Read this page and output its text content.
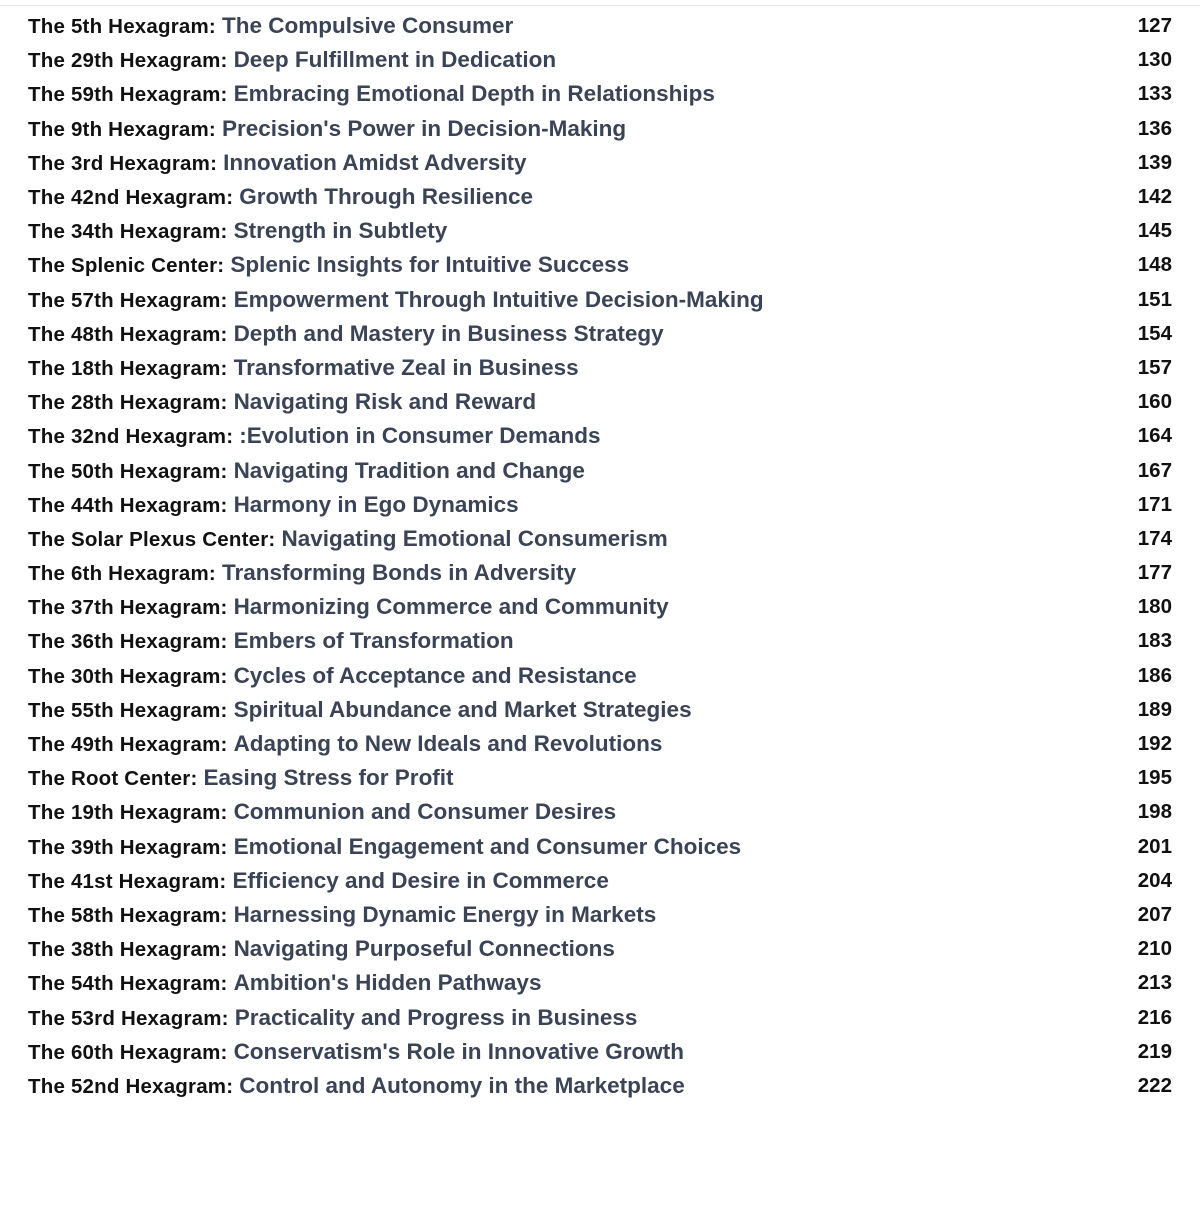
The 5th Hexagram: The Compulsive Consumer	127
The 29th Hexagram: Deep Fulfillment in Dedication	130
The 59th Hexagram: Embracing Emotional Depth in Relationships	133
The 9th Hexagram: Precision's Power in Decision-Making	136
The 3rd Hexagram: Innovation Amidst Adversity	139
The 42nd Hexagram: Growth Through Resilience	142
The 34th Hexagram: Strength in Subtlety	145
The Splenic Center: Splenic Insights for Intuitive Success	148
The 57th Hexagram: Empowerment Through Intuitive Decision-Making	151
The 48th Hexagram: Depth and Mastery in Business Strategy	154
The 18th Hexagram: Transformative Zeal in Business	157
The 28th Hexagram: Navigating Risk and Reward	160
The 32nd Hexagram: :Evolution in Consumer Demands	164
The 50th Hexagram: Navigating Tradition and Change	167
The 44th Hexagram: Harmony in Ego Dynamics	171
The Solar Plexus Center: Navigating Emotional Consumerism	174
The 6th Hexagram: Transforming Bonds in Adversity	177
The 37th Hexagram: Harmonizing Commerce and Community	180
The 36th Hexagram: Embers of Transformation	183
The 30th Hexagram: Cycles of Acceptance and Resistance	186
The 55th Hexagram: Spiritual Abundance and Market Strategies	189
The 49th Hexagram: Adapting to New Ideals and Revolutions	192
The Root Center: Easing Stress for Profit	195
The 19th Hexagram: Communion and Consumer Desires	198
The 39th Hexagram: Emotional Engagement and Consumer Choices	201
The 41st Hexagram: Efficiency and Desire in Commerce	204
The 58th Hexagram: Harnessing Dynamic Energy in Markets	207
The 38th Hexagram: Navigating Purposeful Connections	210
The 54th Hexagram: Ambition's Hidden Pathways	213
The 53rd Hexagram: Practicality and Progress in Business	216
The 60th Hexagram: Conservatism's Role in Innovative Growth	219
The 52nd Hexagram: Control and Autonomy in the Marketplace	222
